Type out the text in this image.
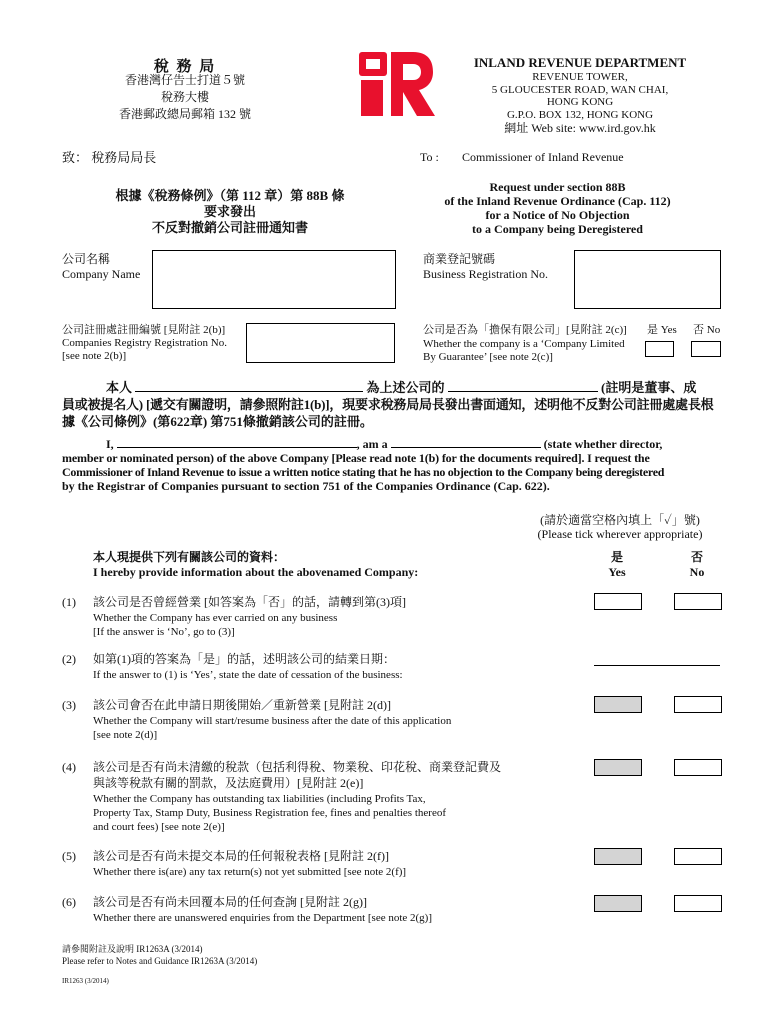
稅 務 局
香港灣仔告士打道５號
稅務大樓
香港郵政總局郵箱 132 號
INLAND REVENUE DEPARTMENT
REVENUE TOWER,
5 GLOUCESTER ROAD, WAN CHAI,
HONG KONG
G.P.O. BOX 132, HONG KONG
網址 Web site: www.ird.gov.hk
致： 稅務局局長	To : Commissioner of Inland Revenue
根據《稅務條例》（第 112 章）第 88B 條
要求發出
不反對撤銷公司註冊通知書
Request under section 88B
of the Inland Revenue Ordinance (Cap. 112)
for a Notice of No Objection
to a Company being Deregistered
公司名稱
Company Name
商業登記號碼
Business Registration No.
公司註冊處註冊編號 [見附註 2(b)]
Companies Registry Registration No.
[see note 2(b)]
公司是否為「擔保有限公司」[見附註 2(c)]
Whether the company is a ‘Company Limited
By Guarantee’ [see note 2(c)]
是 Yes 否 No
本人	為上述公司的	(註明是董事、成
員或被提名人) [遞交有關證明，請參照附註1(b)]，現要求稅務局局長發出書面通知，述明他不反對公司註冊處處長根
據《公司條例》(第622章) 第751條撤銷該公司的註冊。
I,	, am a	(state whether director,
member or nominated person) of the above Company [Please read note 1(b) for the documents required]. I request the
Commissioner of Inland Revenue to issue a written notice stating that he has no objection to the Company being deregistered
by the Registrar of Companies pursuant to section 751 of the Companies Ordinance (Cap. 622).
(請於適當空格內填上「✓」號)
(Please tick wherever appropriate)
本人現提供下列有關該公司的資料：
I hereby provide information about the abovenamed Company:
是
Yes
否
No
(1) 該公司是否曾經營業 [如答案為「否」的話，請轉到第(3)項]
Whether the Company has ever carried on any business
[If the answer is ‘No’, go to (3)]
(2) 如第(1)項的答案為「是」的話，述明該公司的結業日期：
If the answer to (1) is ‘Yes’, state the date of cessation of the business:
(3) 該公司會否在此申請日期後開始／重新營業 [見附註 2(d)]
Whether the Company will start/resume business after the date of this application
[see note 2(d)]
(4) 該公司是否有尚未清繳的稅款（包括利得稅、物業稅、印花稅、商業登記費及
與該等稅款有關的罰款，及法庭費用）[見附註 2(e)]
Whether the Company has outstanding tax liabilities (including Profits Tax,
Property Tax, Stamp Duty, Business Registration fee, fines and penalties thereof
and court fees) [see note 2(e)]
(5) 該公司是否有尚未提交本局的任何報稅表格 [見附註 2(f)]
Whether there is(are) any tax return(s) not yet submitted [see note 2(f)]
(6) 該公司是否有尚未回覆本局的任何查詢 [見附註 2(g)]
Whether there are unanswered enquiries from the Department [see note 2(g)]
請參閱附註及說明 IR1263A (3/2014)
Please refer to Notes and Guidance IR1263A (3/2014)
IR1263 (3/2014)
